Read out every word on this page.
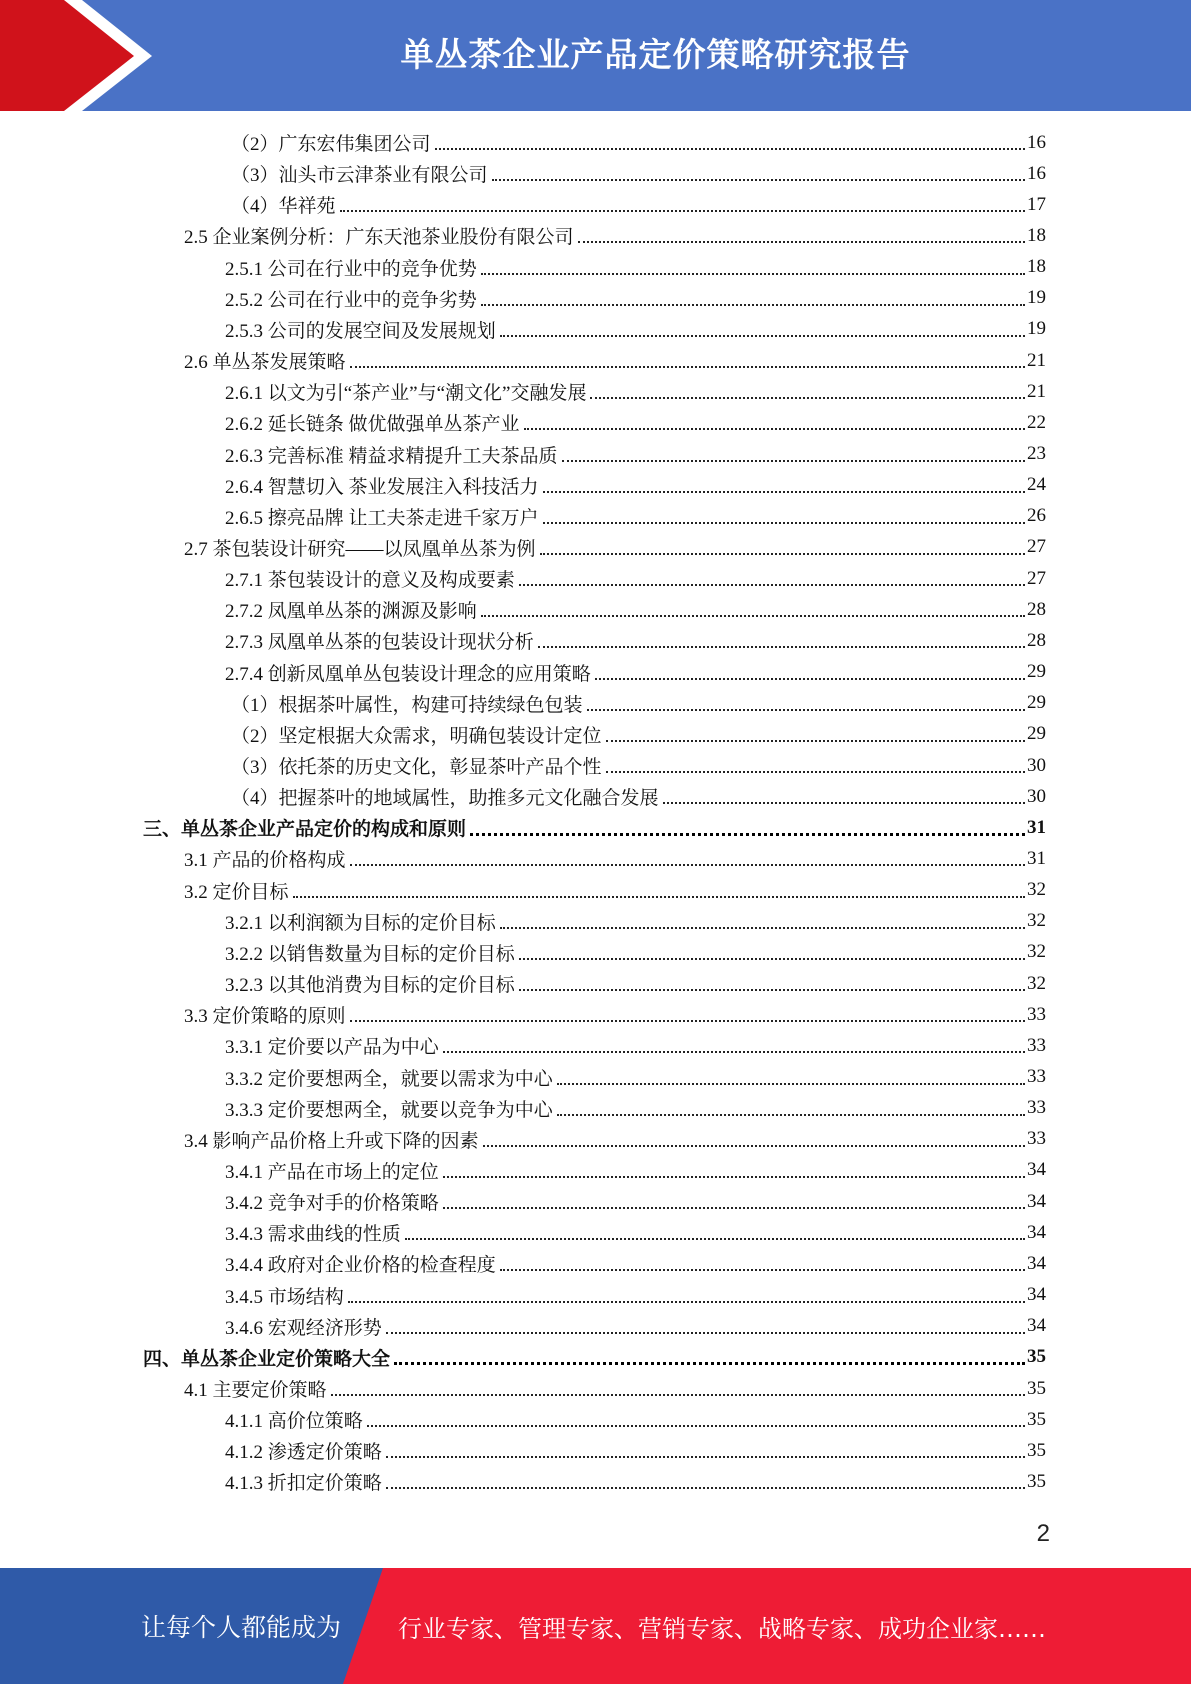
单丛茶企业产品定价策略研究报告
（2）广东宏伟集团公司	16
（3）汕头市云津茶业有限公司	16
（4）华祥苑	17
2.5 企业案例分析：广东天池茶业股份有限公司	18
2.5.1 公司在行业中的竞争优势	18
2.5.2 公司在行业中的竞争劣势	19
2.5.3 公司的发展空间及发展规划	19
2.6 单丛茶发展策略	21
2.6.1 以文为引“茶产业”与“潮文化”交融发展	21
2.6.2 延长链条 做优做强单丛茶产业	22
2.6.3 完善标准 精益求精提升工夫茶品质	23
2.6.4 智慧切入 茶业发展注入科技活力	24
2.6.5 擦亮品牌 让工夫茶走进千家万户	26
2.7 茶包装设计研究——以凤凰单丛茶为例	27
2.7.1 茶包装设计的意义及构成要素	27
2.7.2 凤凰单丛茶的渊源及影响	28
2.7.3 凤凰单丛茶的包装设计现状分析	28
2.7.4 创新凤凰单丛包装设计理念的应用策略	29
（1）根据茶叶属性，构建可持续绿色包装	29
（2）坚定根据大众需求，明确包装设计定位	29
（3）依托茶的历史文化，彰显茶叶产品个性	30
（4）把握茶叶的地域属性，助推多元文化融合发展	30
三、单丛茶企业产品定价的构成和原则	31
3.1 产品的价格构成	31
3.2 定价目标	32
3.2.1 以利润额为目标的定价目标	32
3.2.2 以销售数量为目标的定价目标	32
3.2.3 以其他消费为目标的定价目标	32
3.3 定价策略的原则	33
3.3.1 定价要以产品为中心	33
3.3.2 定价要想两全，就要以需求为中心	33
3.3.3 定价要想两全，就要以竞争为中心	33
3.4 影响产品价格上升或下降的因素	33
3.4.1 产品在市场上的定位	34
3.4.2 竞争对手的价格策略	34
3.4.3 需求曲线的性质	34
3.4.4 政府对企业价格的检查程度	34
3.4.5 市场结构	34
3.4.6 宏观经济形势	34
四、单丛茶企业定价策略大全	35
4.1 主要定价策略	35
4.1.1 高价位策略	35
4.1.2 渗透定价策略	35
4.1.3 折扣定价策略	35
2
让每个人都能成为 行业专家、管理专家、营销专家、战略专家、成功企业家……
